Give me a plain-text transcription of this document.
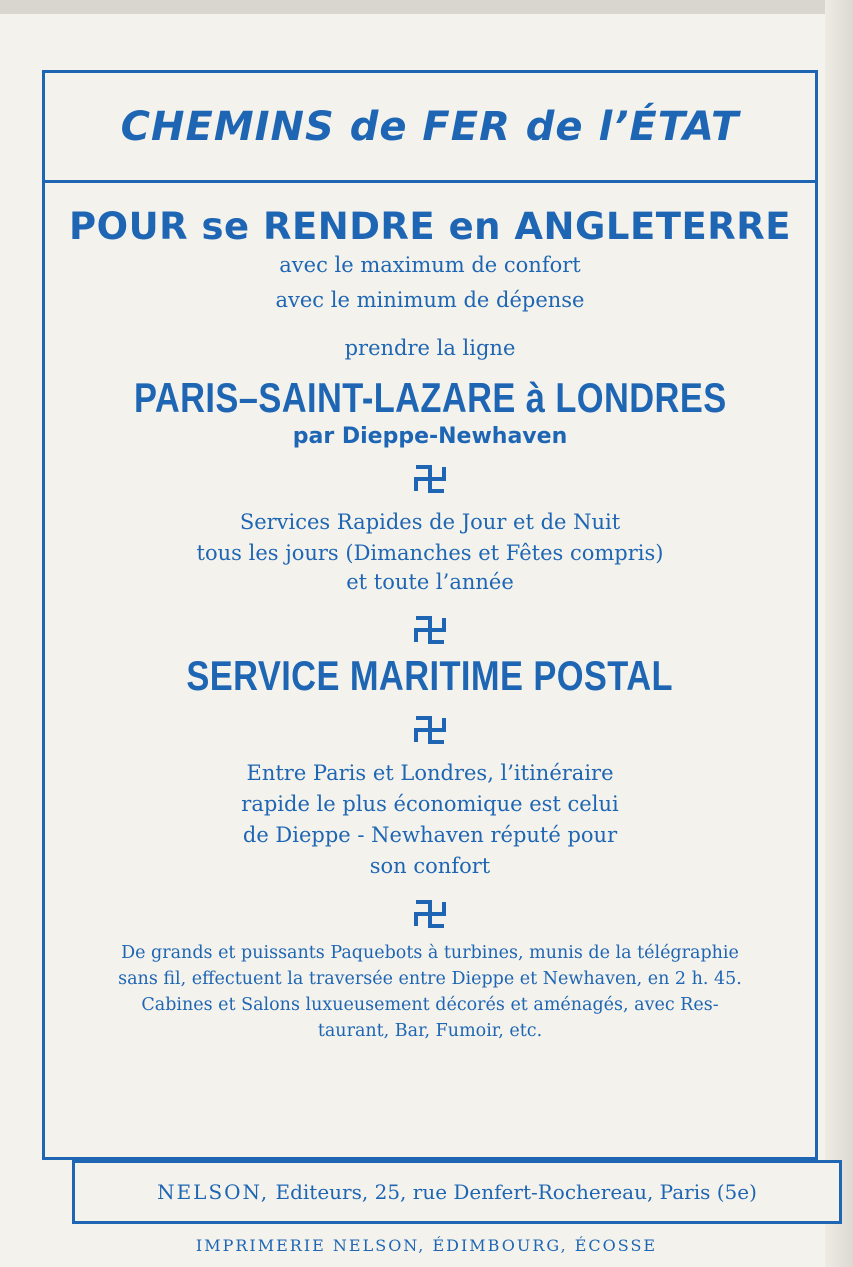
CHEMINS de FER de l’ÉTAT
POUR se RENDRE en ANGLETERRE
avec le maximum de confort
avec le minimum de dépense
prendre la ligne
PARIS–SAINT-LAZARE à LONDRES
par Dieppe-Newhaven
Services Rapides de Jour et de Nuit
tous les jours (Dimanches et Fêtes compris)
et toute l’année
SERVICE MARITIME POSTAL
Entre Paris et Londres, l’itinéraire
rapide le plus économique est celui
de Dieppe - Newhaven réputé pour
son confort
De grands et puissants Paquebots à turbines, munis de la télégraphie
sans fil, effectuent la traversée entre Dieppe et Newhaven, en 2 h. 45.
Cabines et Salons luxueusement décorés et aménagés, avec Res-
taurant, Bar, Fumoir, etc.
NELSON, Editeurs, 25, rue Denfert-Rochereau, Paris (5e)
IMPRIMERIE NELSON, ÉDIMBOURG, ÉCOSSE
